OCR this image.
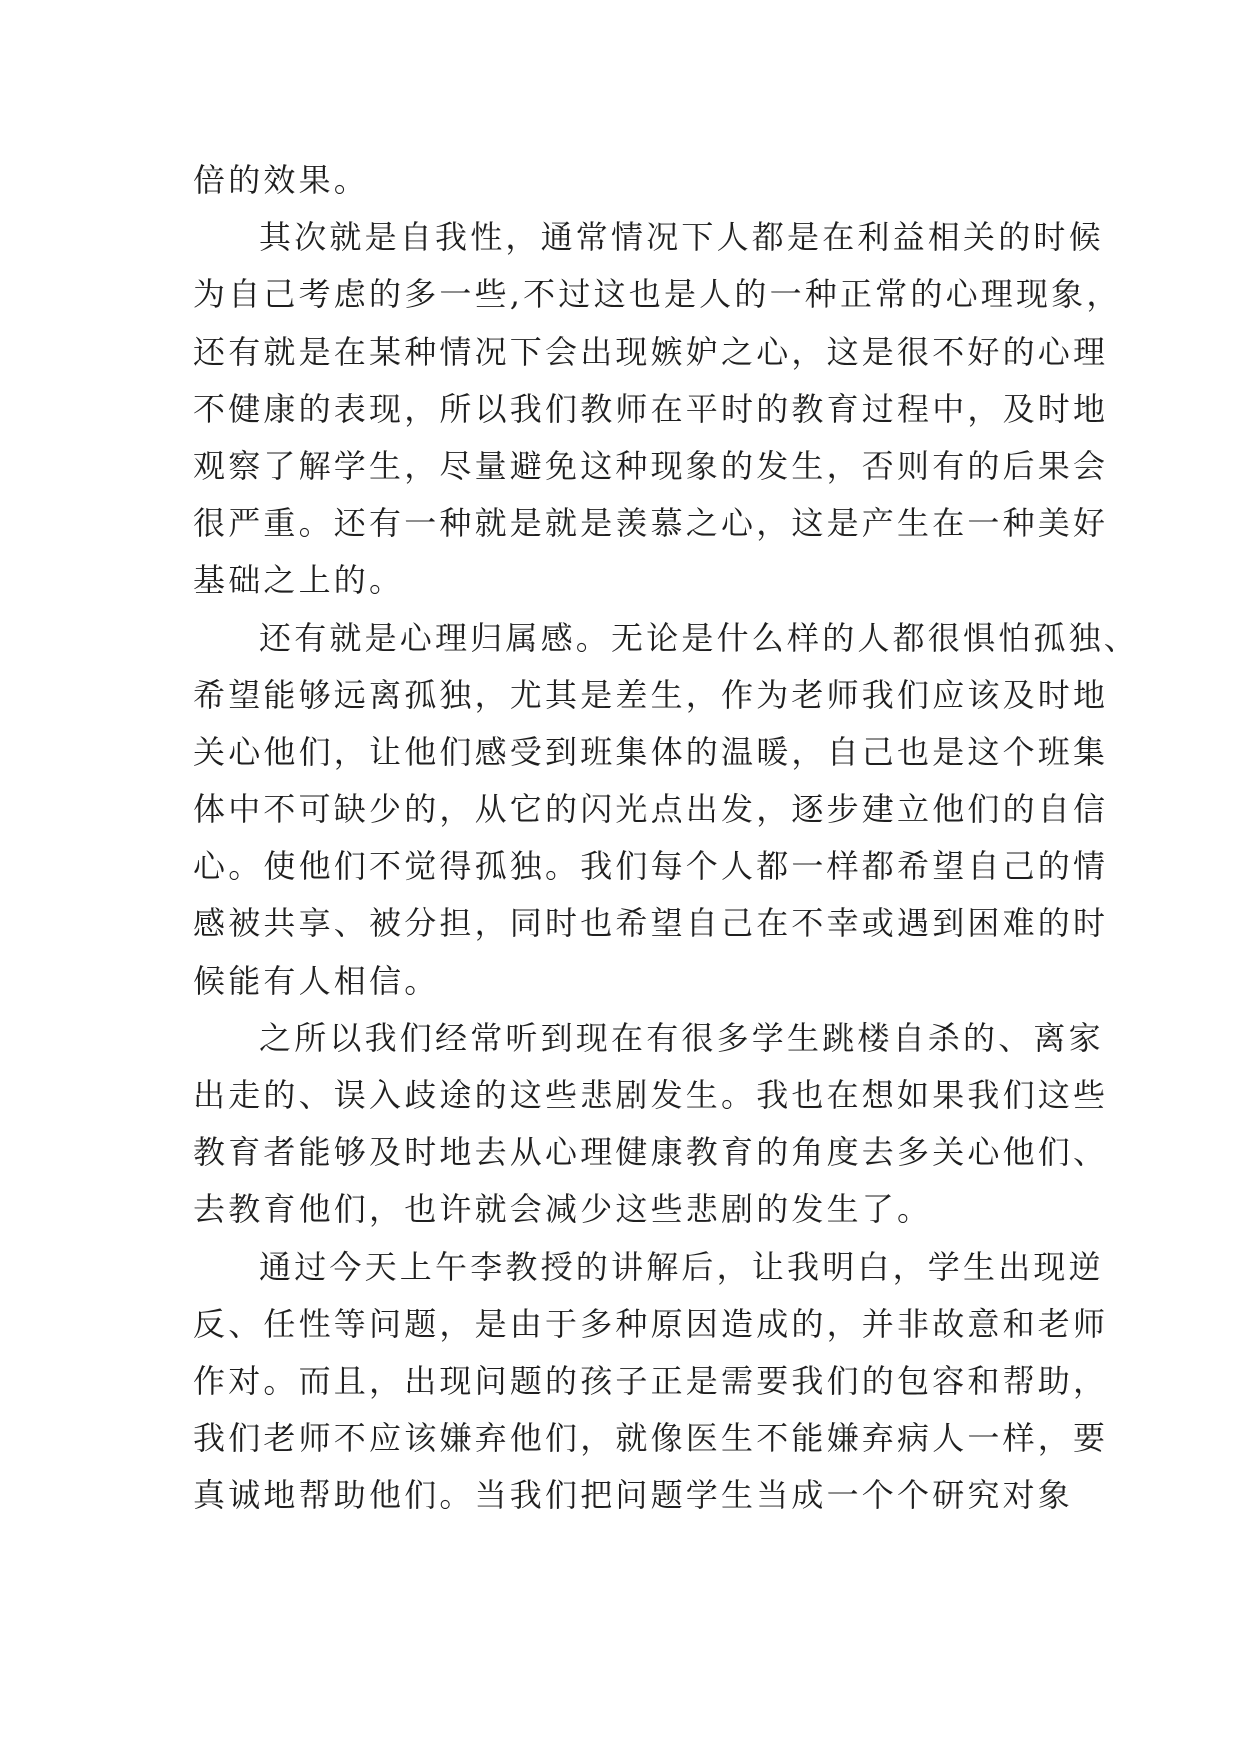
倍的效果。
其次就是自我性，通常情况下人都是在利益相关的时候
为自己考虑的多一些,不过这也是人的一种正常的心理现象，
还有就是在某种情况下会出现嫉妒之心，这是很不好的心理
不健康的表现，所以我们教师在平时的教育过程中，及时地
观察了解学生，尽量避免这种现象的发生，否则有的后果会
很严重。还有一种就是就是羡慕之心，这是产生在一种美好
基础之上的。
还有就是心理归属感。无论是什么样的人都很惧怕孤独、
希望能够远离孤独，尤其是差生，作为老师我们应该及时地
关心他们，让他们感受到班集体的温暖，自己也是这个班集
体中不可缺少的，从它的闪光点出发，逐步建立他们的自信
心。使他们不觉得孤独。我们每个人都一样都希望自己的情
感被共享、被分担，同时也希望自己在不幸或遇到困难的时
候能有人相信。
之所以我们经常听到现在有很多学生跳楼自杀的、离家
出走的、误入歧途的这些悲剧发生。我也在想如果我们这些
教育者能够及时地去从心理健康教育的角度去多关心他们、
去教育他们，也许就会减少这些悲剧的发生了。
通过今天上午李教授的讲解后，让我明白，学生出现逆
反、任性等问题，是由于多种原因造成的，并非故意和老师
作对。而且，出现问题的孩子正是需要我们的包容和帮助，
我们老师不应该嫌弃他们，就像医生不能嫌弃病人一样，要
真诚地帮助他们。当我们把问题学生当成一个个研究对象
